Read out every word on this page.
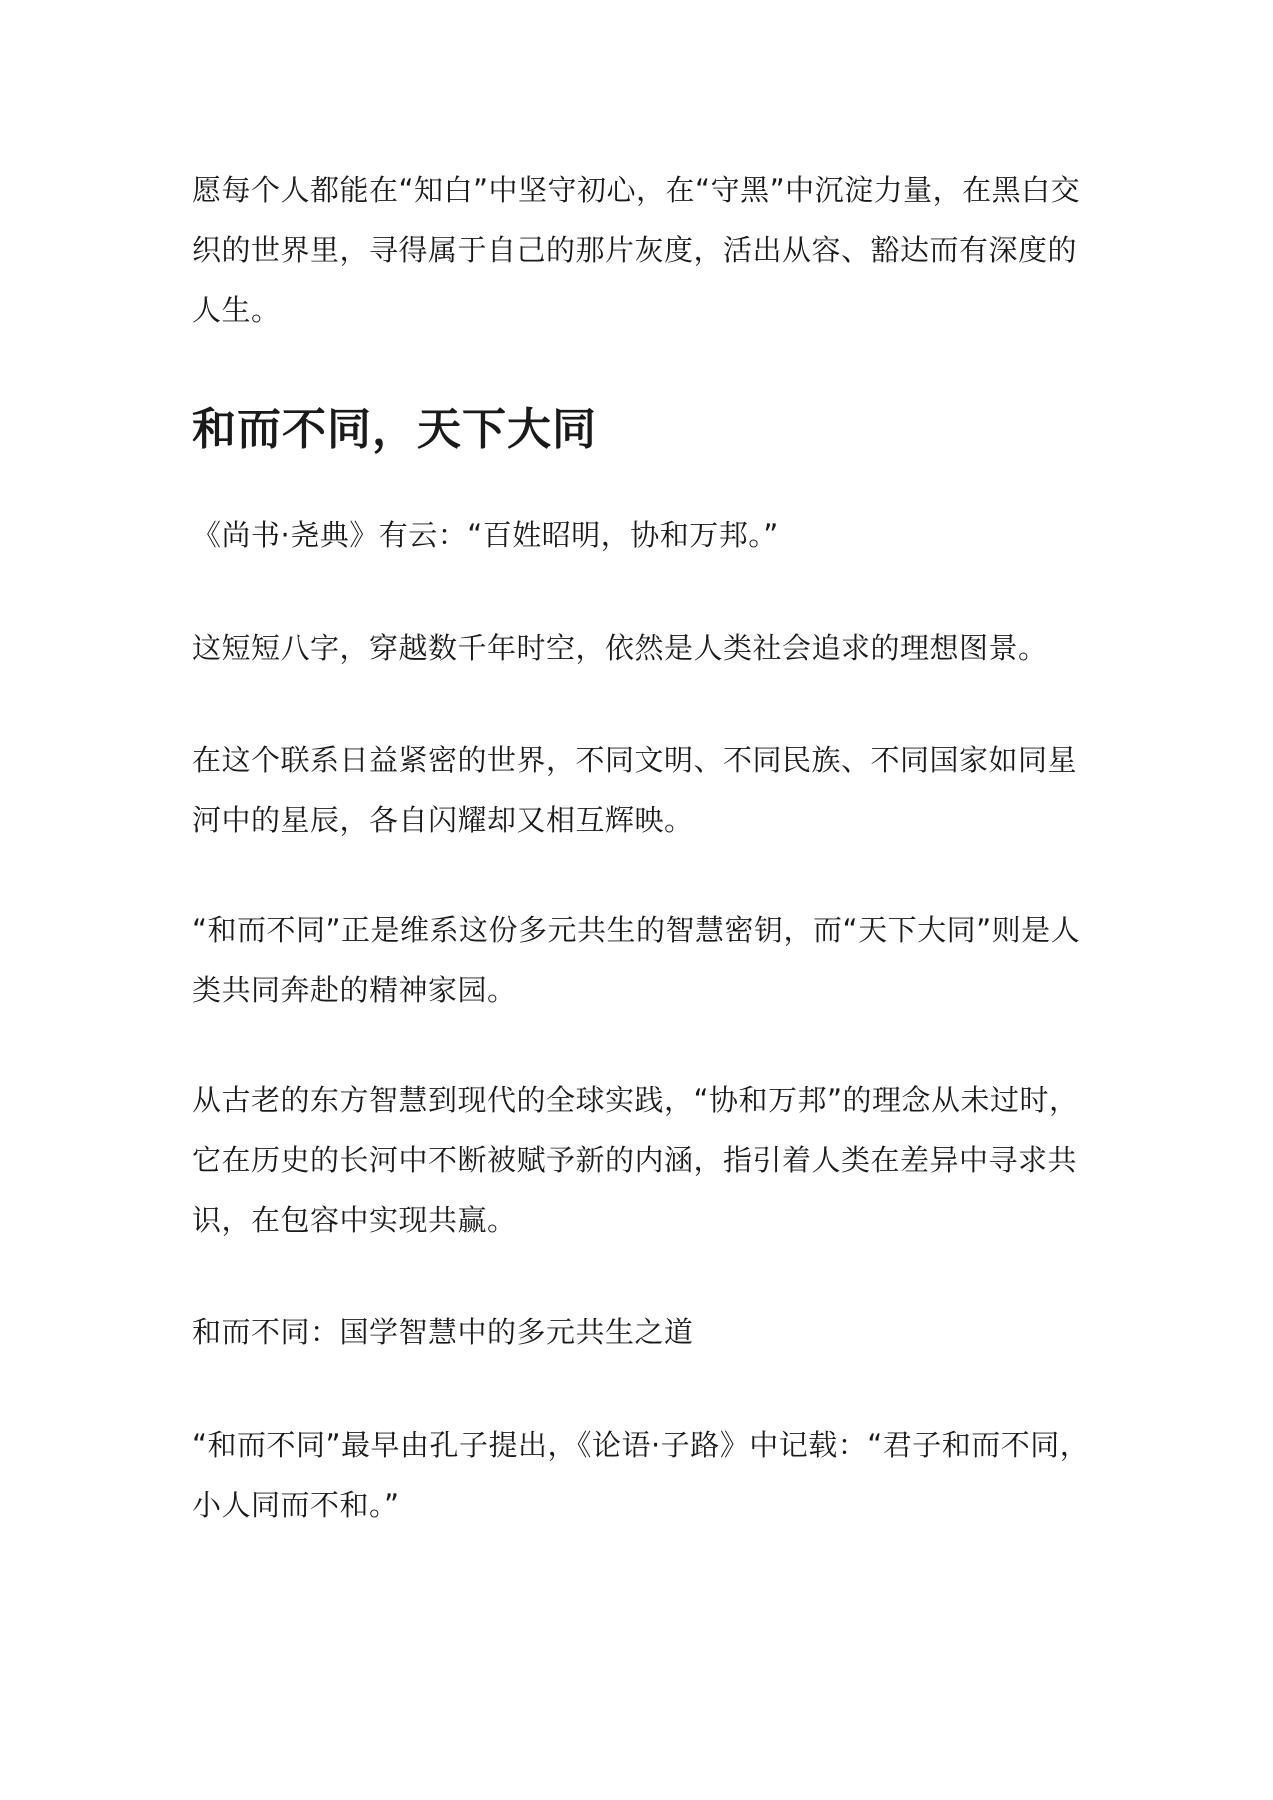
愿每个人都能在“知白”中坚守初心，在“守黑”中沉淀力量，在黑白交
织的世界里，寻得属于自己的那片灰度，活出从容、豁达而有深度的
人生。
和而不同，天下大同
《尚书·尧典》有云：“百姓昭明，协和万邦。”
这短短八字，穿越数千年时空，依然是人类社会追求的理想图景。
在这个联系日益紧密的世界，不同文明、不同民族、不同国家如同星
河中的星辰，各自闪耀却又相互辉映。
“和而不同”正是维系这份多元共生的智慧密钥，而“天下大同”则是人
类共同奔赴的精神家园。
从古老的东方智慧到现代的全球实践，“协和万邦”的理念从未过时，
它在历史的长河中不断被赋予新的内涵，指引着人类在差异中寻求共
识，在包容中实现共赢。
和而不同：国学智慧中的多元共生之道
“和而不同”最早由孔子提出，《论语·子路》中记载：“君子和而不同，
小人同而不和。”
